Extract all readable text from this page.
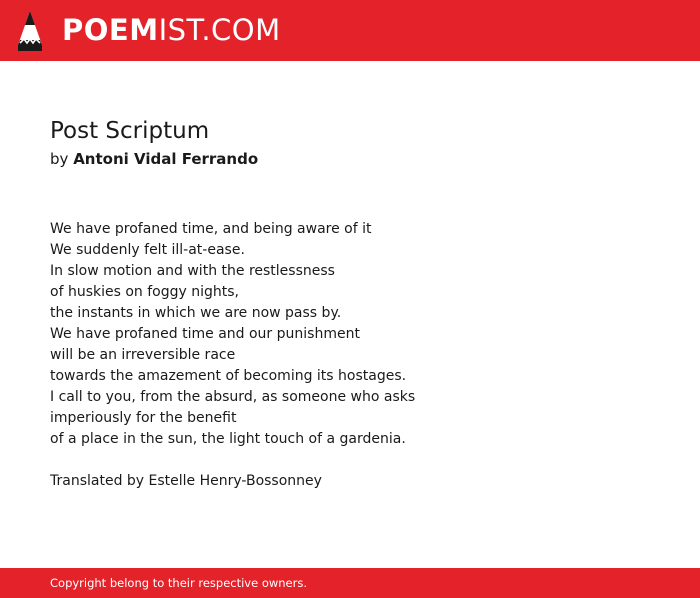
POEMIST.COM
Post Scriptum
by Antoni Vidal Ferrando
We have profaned time, and being aware of it
We suddenly felt ill-at-ease.
In slow motion and with the restlessness
of huskies on foggy nights,
the instants in which we are now pass by.
We have profaned time and our punishment
will be an irreversible race
towards the amazement of becoming its hostages.
I call to you, from the absurd, as someone who asks
imperiously for the benefit
of a place in the sun, the light touch of a gardenia.
Translated by Estelle Henry-Bossonney
Copyright belong to their respective owners.
